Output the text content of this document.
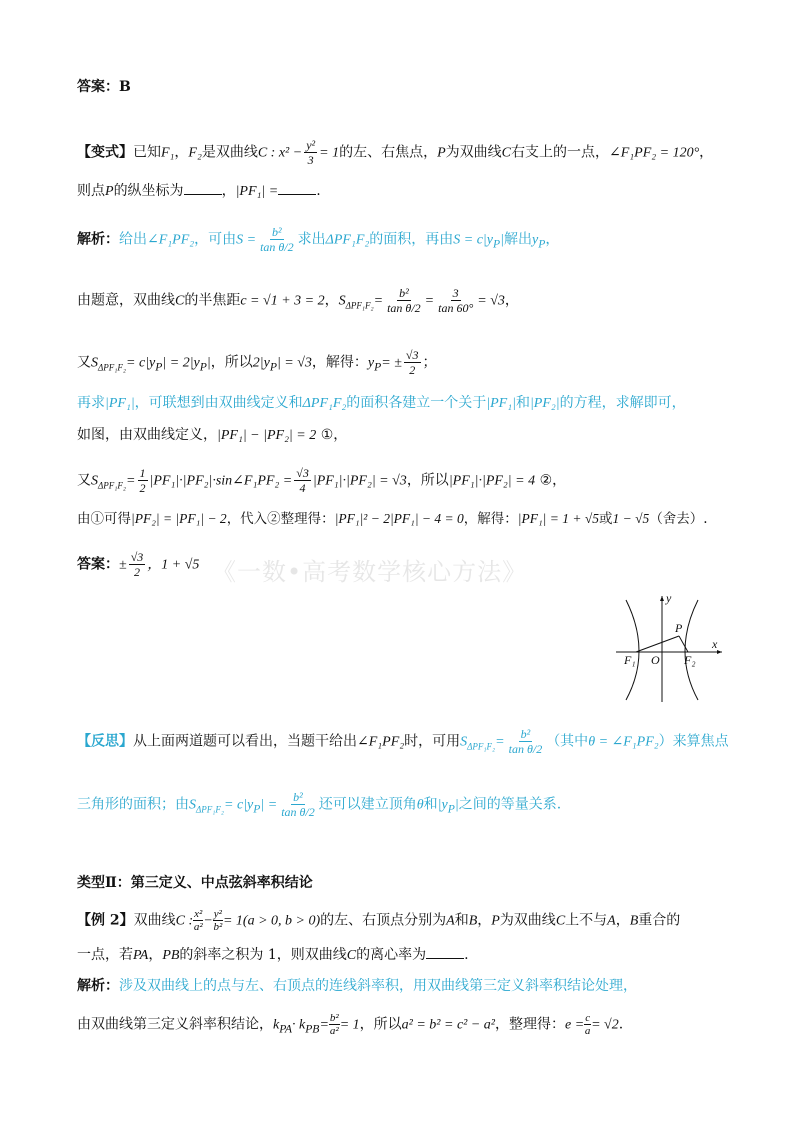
答案：B
【变式】已知F₁，F₂是双曲线C : $x^2 - \frac{\text{y²}}{3} = 1$的左、右焦点，P为双曲线C右支上的一点，∠F₁PF₂ = 120°，
则点P的纵坐标为	，|PF₁| =	.
解析：给出∠F₁PF₂，可由$S = \frac{\text{b²}}{\text{tan θ/2}}$ 求出ΔPF₁F₂的面积，再由$S = c|y_P|$解出$y_P$，
由题意，双曲线C的半焦距c = √1 + 3 = 2，$S_{\Delta PF_1F_2}= \frac{\text{b²}}{\text{tan θ/2}} = \frac{3}{\tan 60^\circ} = √3$，
又$S_{\Delta PF_1F_2}= c|y_P| = 2|y_P|$，所以$2|y_P| = √3$，解得：$y_P= \pm \frac{√3}{2}$ ；
再求|PF₁|，可联想到由双曲线定义和ΔPF₁F₂的面积各建立一个关于|PF₁|和|PF₂|的方程，求解即可，
如图，由双曲线定义，|PF₁| − |PF₂| = 2 ①，
又$S_{\Delta PF_1F_2}= \frac{1}{2}$ |PF₁|·|PF₂|·sin∠F₁PF₂ = $\frac{√3}{4} |PF_1|\cdot|PF_2| = √3$，所以|PF₁|·|PF₂| = 4 ②，
由①可得|PF₂| = |PF₁| − 2，代入②整理得：|PF₁|² − 2|PF₁| − 4 = 0，解得：|PF₁| = 1 + √5或1 − √5（舍去）.
答案：± $\frac{√3}{2}$ ，1 + √5 《一数•高考数学核心方法》
y
x
P
F₁ O F₂
【反思】从上面两道题可以看出，当题干给出∠F₁PF₂时，可用$S_{\Delta PF_1F_2}= \frac{\text{b²}}{\text{tan θ/2}}$ （其中θ = ∠F₁PF₂）来算焦点
三角形的面积；由$S_{\Delta PF_1F_2}= c|y_P| = \frac{\text{b²}}{\text{tan θ/2}}$ 还可以建立顶角θ和$|y_P|$之间的等量关系.
类型Ⅱ：第三定义、中点弦斜率积结论
【例 2】双曲线C : $\frac{\text{x²}}{\text{a²}} - \frac{\text{y²}}{\text{b²}} = 1(a > 0$, b > 0)的左、右顶点分别为A和B，P为双曲线C上不与A，B重合的
一点，若PA，PB的斜率之积为 1，则双曲线C的离心率为	.
解析：涉及双曲线上的点与左、右顶点的连线斜率积，用双曲线第三定义斜率积结论处理，
由双曲线第三定义斜率积结论，$k_{PA}\cdot k_{PB}= \frac{\text{b²}}{\text{a²}} = 1$，所以a² = b² = c² − a²，整理得：$e = \frac{c}{a} = √2$.
